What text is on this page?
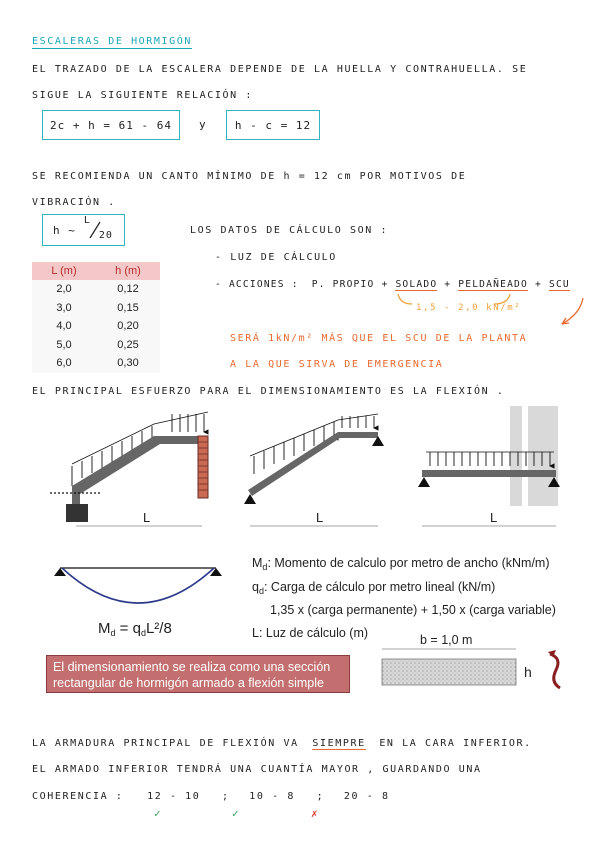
ESCALERAS DE HORMIGÓN
EL TRAZADO DE LA ESCALERA DEPENDE DE LA HUELLA Y CONTRAHUELLA. SE
SIGUE LA SIGUIENTE RELACIÓN :
2c + h = 61 - 64	y	h - c = 12
SE RECOMIENDA UN CANTO MÍNIMO DE h = 12 cm POR MOTIVOS DE
VIBRACIÓN .
h ~
L
20
L (m)	h (m)
2,0	0,12
3,0	0,15
4,0	0,20
5,0	0,25
6,0	0,30
LOS DATOS DE CÁLCULO SON :
- LUZ DE CÁLCULO
- ACCIONES : P. PROPIO + SOLADO + PELDAÑEADO + SCU
1,5 - 2,0 kN/m²
SERÁ 1kN/m² MÁS QUE EL SCU DE LA PLANTA
A LA QUE SIRVA DE EMERGENCIA
EL PRINCIPAL ESFUERZO PARA EL DIMENSIONAMIENTO ES LA FLEXIÓN .
L	L	L
$M_d = q_dL^2/8$
$M_d$: Momento de calculo por metro de ancho (kNm/m)
$q_d$: Carga de cálculo por metro lineal (kN/m)
1,35 x (carga permanente) + 1,50 x (carga variable)
L: Luz de cálculo (m)	b = 1,0 m
h
El dimensionamiento se realiza como una sección rectangular de hormigón armado a flexión simple
LA ARMADURA PRINCIPAL DE FLEXIÓN VA SIEMPRE EN LA CARA INFERIOR.
EL ARMADO INFERIOR TENDRÁ UNA CUANTÍA MAYOR , GUARDANDO UNA
COHERENCIA : 12 - 10 ; 10 - 8 ; 20 - 8
✓	✓	✗
